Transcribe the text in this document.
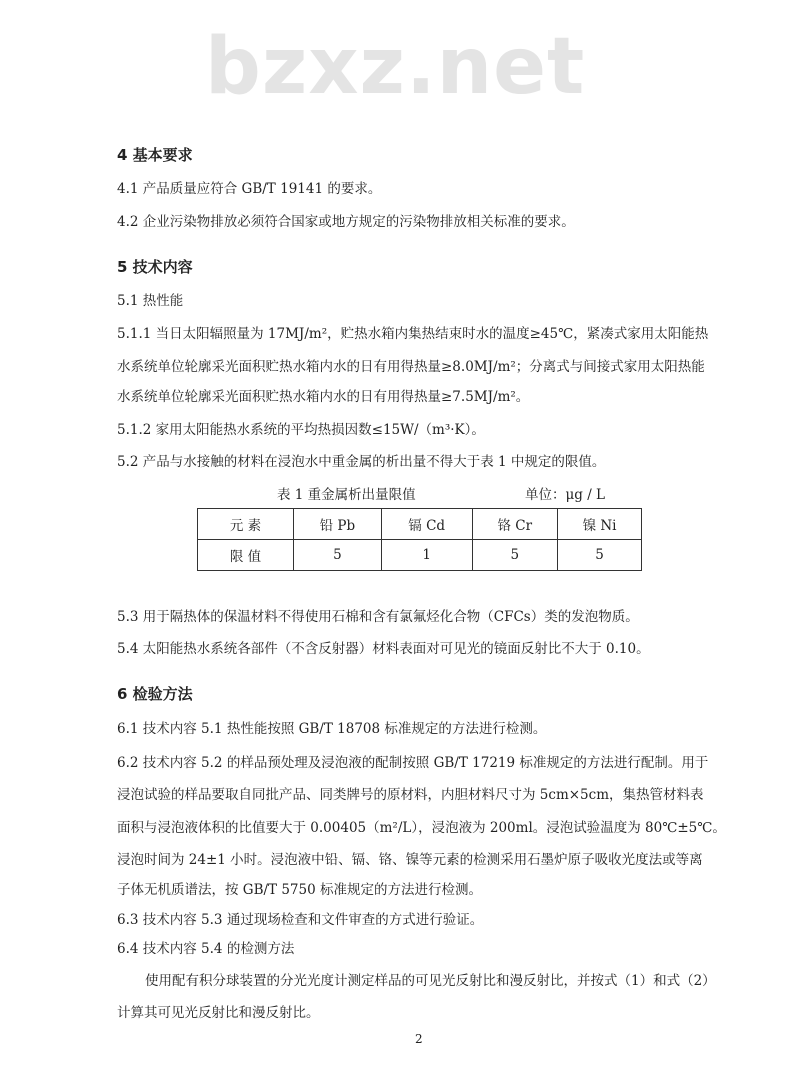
bzxz.net
4 基本要求
4.1 产品质量应符合 GB/T 19141 的要求。
4.2 企业污染物排放必须符合国家或地方规定的污染物排放相关标准的要求。
5 技术内容
5.1 热性能
5.1.1 当日太阳辐照量为 17MJ/m²，贮热水箱内集热结束时水的温度≥45℃，紧凑式家用太阳能热
水系统单位轮廓采光面积贮热水箱内水的日有用得热量≥8.0MJ/m²；分离式与间接式家用太阳热能
水系统单位轮廓采光面积贮热水箱内水的日有用得热量≥7.5MJ/m²。
5.1.2 家用太阳能热水系统的平均热损因数≤15W/（m³·K）。
5.2 产品与水接触的材料在浸泡水中重金属的析出量不得大于表 1 中规定的限值。
表 1 重金属析出量限值	单位：μg / L
元 素	铅 Pb	镉 Cd	铬 Cr	镍 Ni
限 值	5	1	5	5
5.3 用于隔热体的保温材料不得使用石棉和含有氯氟烃化合物（CFCs）类的发泡物质。
5.4 太阳能热水系统各部件（不含反射器）材料表面对可见光的镜面反射比不大于 0.10。
6 检验方法
6.1 技术内容 5.1 热性能按照 GB/T 18708 标准规定的方法进行检测。
6.2 技术内容 5.2 的样品预处理及浸泡液的配制按照 GB/T 17219 标准规定的方法进行配制。用于
浸泡试验的样品要取自同批产品、同类牌号的原材料，内胆材料尺寸为 5cm×5cm，集热管材料表
面积与浸泡液体积的比值要大于 0.00405（m²/L），浸泡液为 200ml。浸泡试验温度为 80℃±5℃。
浸泡时间为 24±1 小时。浸泡液中铅、镉、铬、镍等元素的检测采用石墨炉原子吸收光度法或等离
子体无机质谱法，按 GB/T 5750 标准规定的方法进行检测。
6.3 技术内容 5.3 通过现场检查和文件审查的方式进行验证。
6.4 技术内容 5.4 的检测方法
使用配有积分球装置的分光光度计测定样品的可见光反射比和漫反射比，并按式（1）和式（2）
计算其可见光反射比和漫反射比。
2
